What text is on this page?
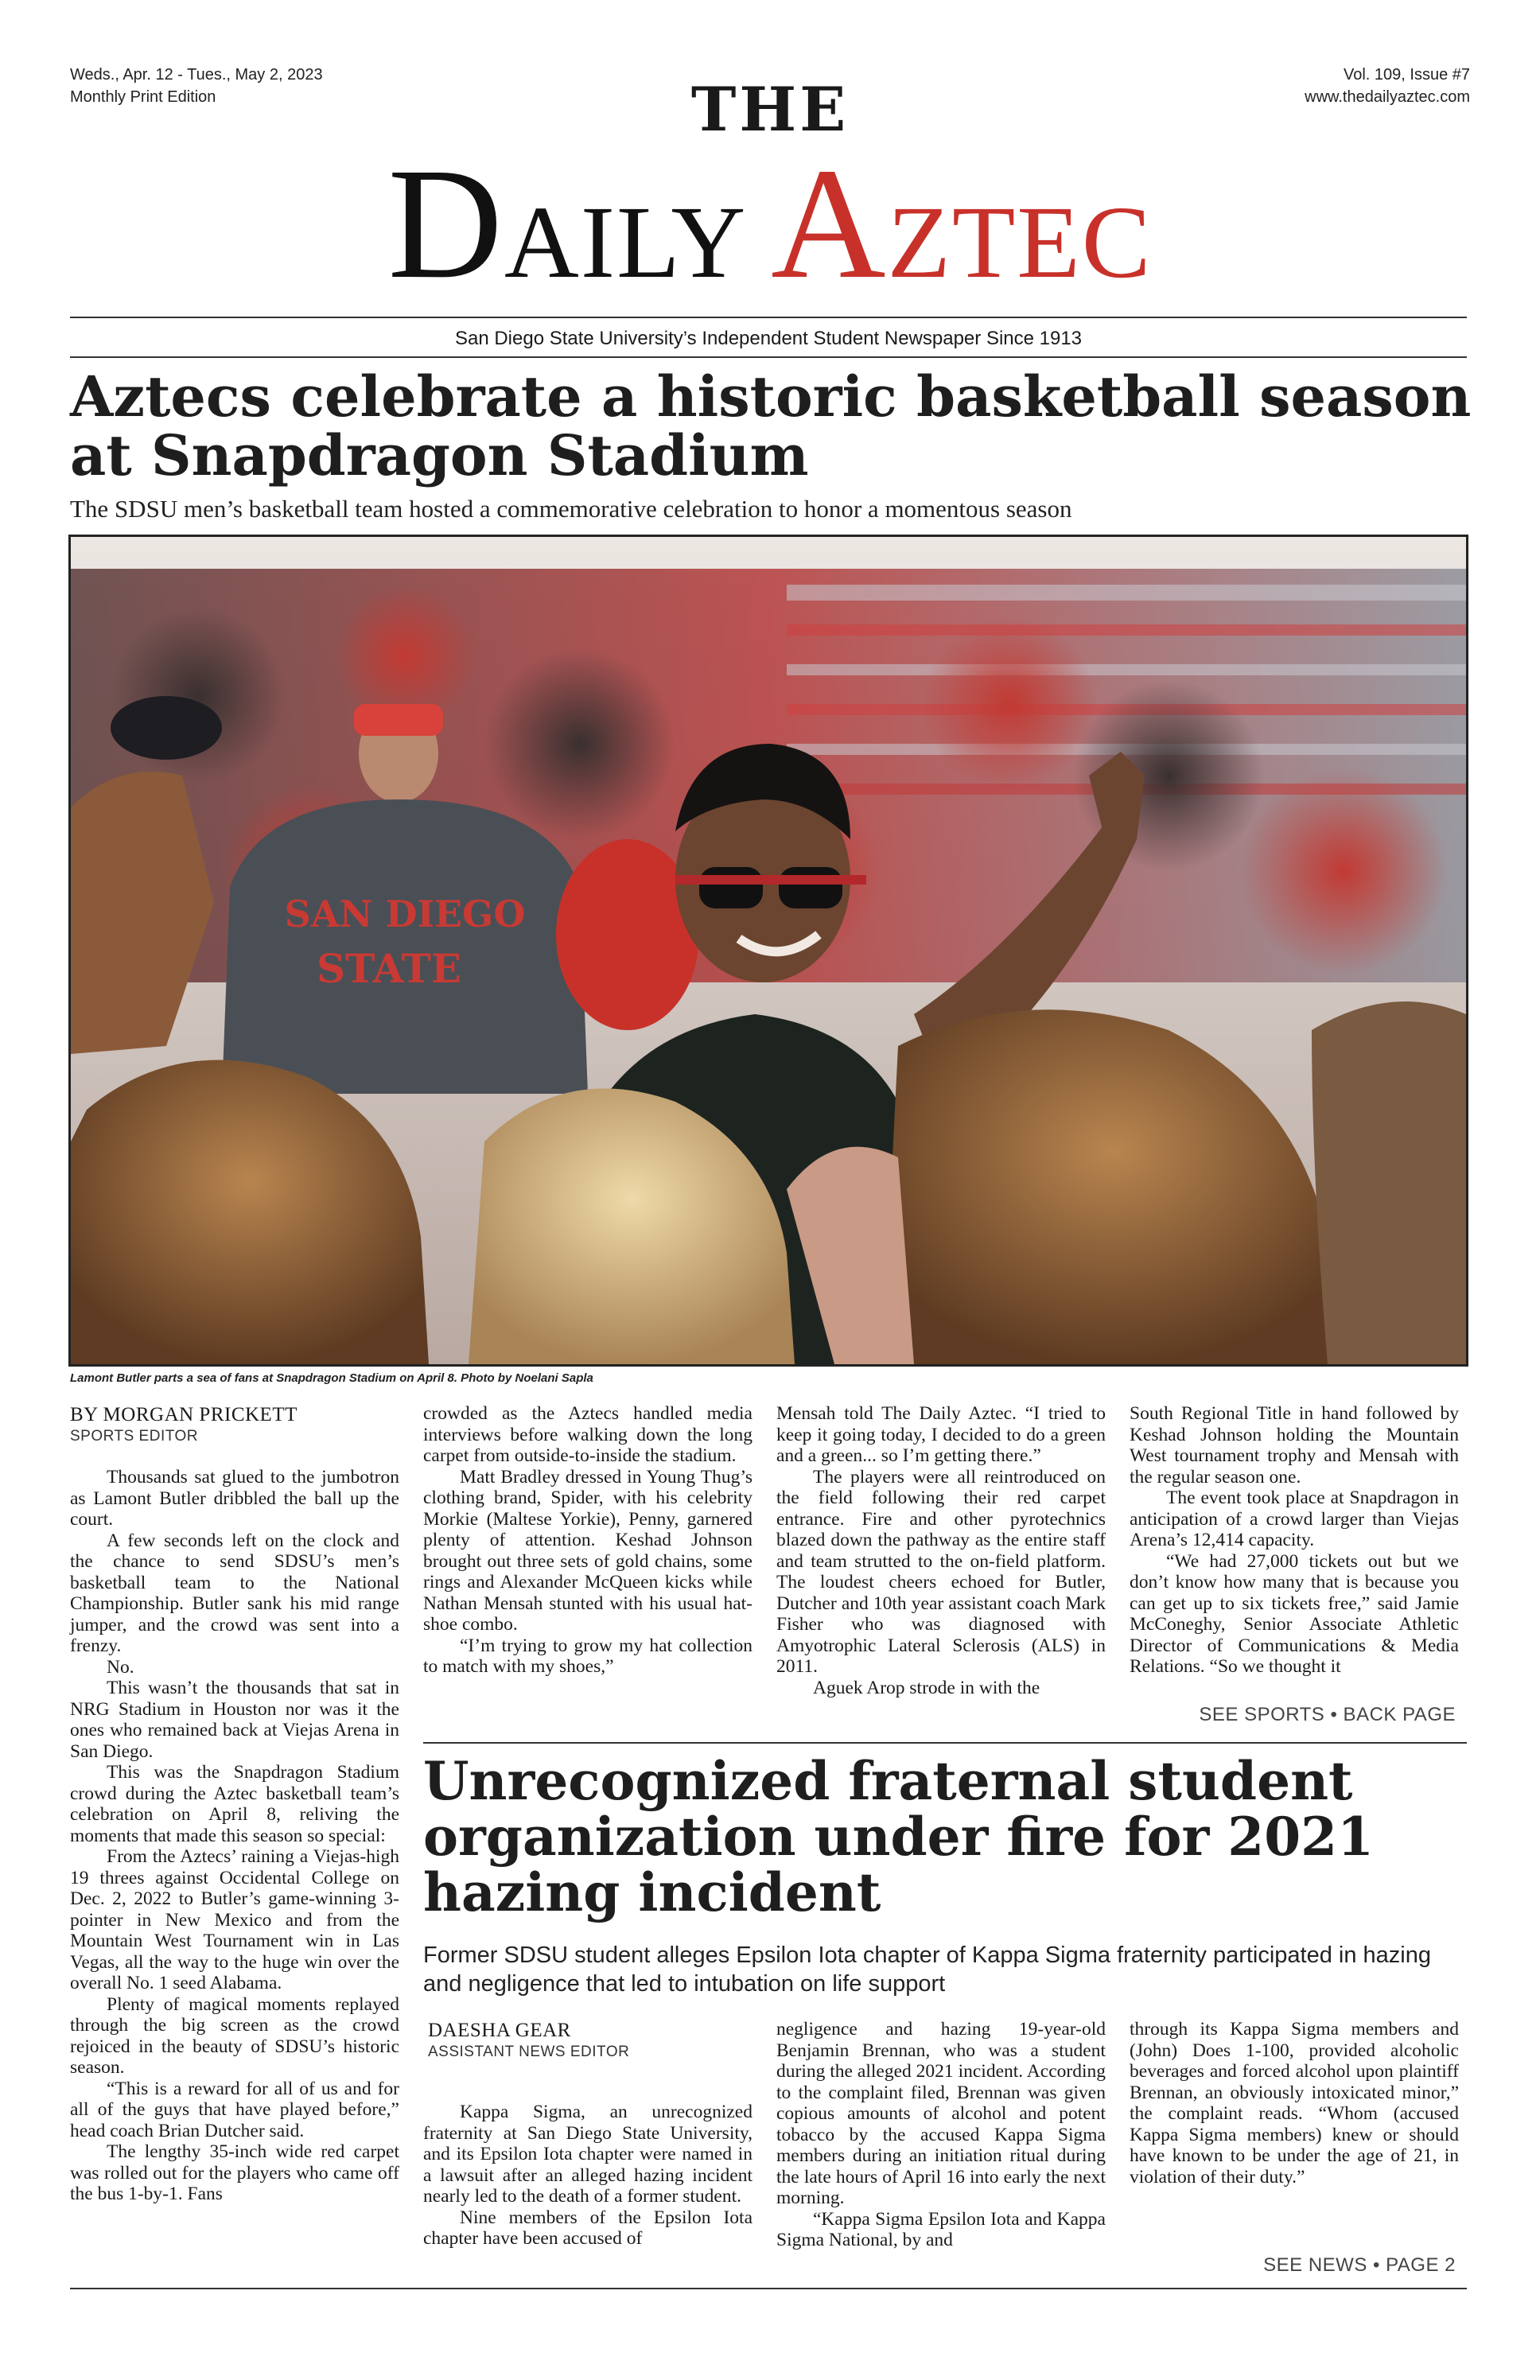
Weds., Apr. 12 - Tues., May 2, 2023
Monthly Print Edition
Vol. 109, Issue #7
www.thedailyaztec.com
THE
DAILY AZTEC
San Diego State University’s Independent Student Newspaper Since 1913
Aztecs celebrate a historic basketball season
at Snapdragon Stadium
The SDSU men’s basketball team hosted a commemorative celebration to honor a momentous season
SAN DIEGO
STATE
Lamont Butler parts a sea of fans at Snapdragon Stadium on April 8. Photo by Noelani Sapla
BY MORGAN PRICKETT
SPORTS EDITOR

Thousands sat glued to the jumbotron as Lamont Butler dribbled the ball up the court.

A few seconds left on the clock and the chance to send SDSU’s men’s basketball team to the National Championship. Butler sank his mid range jumper, and the crowd was sent into a frenzy.

No.

This wasn’t the thousands that sat in NRG Stadium in Houston nor was it the ones who remained back at Viejas Arena in San Diego.

This was the Snapdragon Stadium crowd during the Aztec basketball team’s celebration on April 8, reliving the moments that made this season so special:

From the Aztecs’ raining a Viejas-high 19 threes against Occidental College on Dec. 2, 2022 to Butler’s game-winning 3-pointer in New Mexico and from the Mountain West Tournament win in Las Vegas, all the way to the huge win over the overall No. 1 seed Alabama.

Plenty of magical moments replayed through the big screen as the crowd rejoiced in the beauty of SDSU’s historic season.

“This is a reward for all of us and for all of the guys that have played before,” head coach Brian Dutcher said.

The lengthy 35-inch wide red carpet was rolled out for the players who came off the bus 1-by-1. Fans

crowded as the Aztecs handled media interviews before walking down the long carpet from outside-to-inside the stadium.

Matt Bradley dressed in Young Thug’s clothing brand, Spider, with his celebrity Morkie (Maltese Yorkie), Penny, garnered plenty of attention. Keshad Johnson brought out three sets of gold chains, some rings and Alexander McQueen kicks while Nathan Mensah stunted with his usual hat-shoe combo.

“I’m trying to grow my hat collection to match with my shoes,”

Mensah told The Daily Aztec. “I tried to keep it going today, I decided to do a green and a green... so I’m getting there.”

The players were all reintroduced on the field following their red carpet entrance. Fire and other pyrotechnics blazed down the pathway as the entire staff and team strutted to the on-field platform. The loudest cheers echoed for Butler, Dutcher and 10th year assistant coach Mark Fisher who was diagnosed with Amyotrophic Lateral Sclerosis (ALS) in 2011.

Aguek Arop strode in with the

South Regional Title in hand followed by Keshad Johnson holding the Mountain West tournament trophy and Mensah with the regular season one.

The event took place at Snapdragon in anticipation of a crowd larger than Viejas Arena’s 12,414 capacity.

“We had 27,000 tickets out but we don’t know how many that is because you can get up to six tickets free,” said Jamie McConeghy, Senior Associate Athletic Director of Communications & Media Relations. “So we thought it

SEE SPORTS • BACK PAGE
Unrecognized fraternal student
organization under fire for 2021
hazing incident
Former SDSU student alleges Epsilon Iota chapter of Kappa Sigma fraternity participated in hazing and negligence that led to intubation on life support
DAESHA GEAR
ASSISTANT NEWS EDITOR

Kappa Sigma, an unrecognized fraternity at San Diego State University, and its Epsilon Iota chapter were named in a lawsuit after an alleged hazing incident nearly led to the death of a former student.

Nine members of the Epsilon Iota chapter have been accused of

negligence and hazing 19-year-old Benjamin Brennan, who was a student during the alleged 2021 incident. According to the complaint filed, Brennan was given copious amounts of alcohol and potent tobacco by the accused Kappa Sigma members during an initiation ritual during the late hours of April 16 into early the next morning.

“Kappa Sigma Epsilon Iota and Kappa Sigma National, by and

through its Kappa Sigma members and (John) Does 1-100, provided alcoholic beverages and forced alcohol upon plaintiff Brennan, an obviously intoxicated minor,” the complaint reads. “Whom (accused Kappa Sigma members) knew or should have known to be under the age of 21, in violation of their duty.”

SEE NEWS • PAGE 2
